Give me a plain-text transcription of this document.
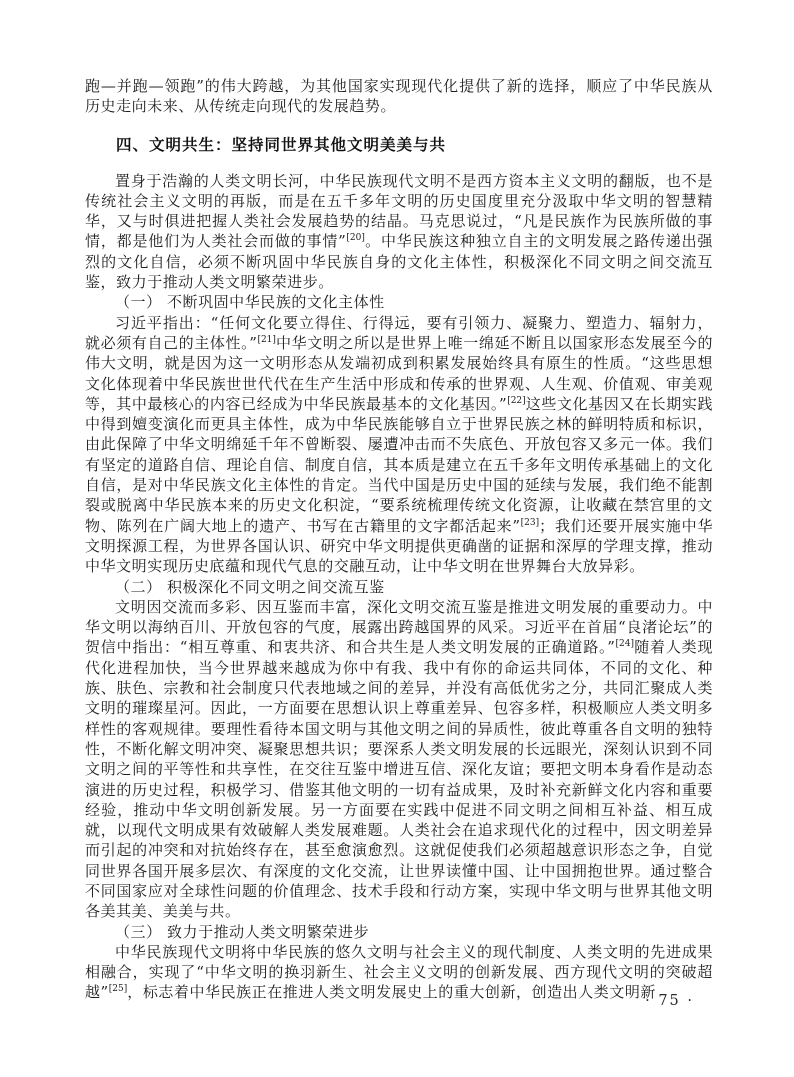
跑—并跑—领跑”的伟大跨越，为其他国家实现现代化提供了新的选择，顺应了中华民族从历史走向未来、从传统走向现代的发展趋势。

四、文明共生：坚持同世界其他文明美美与共

置身于浩瀚的人类文明长河，中华民族现代文明不是西方资本主义文明的翻版，也不是传统社会主义文明的再版，而是在五千多年文明的历史国度里充分汲取中华文明的智慧精华，又与时俱进把握人类社会发展趋势的结晶。马克思说过，“凡是民族作为民族所做的事情，都是他们为人类社会而做的事情”[20]。中华民族这种独立自主的文明发展之路传递出强烈的文化自信，必须不断巩固中华民族自身的文化主体性，积极深化不同文明之间交流互鉴，致力于推动人类文明繁荣进步。

（一） 不断巩固中华民族的文化主体性

习近平指出：“任何文化要立得住、行得远，要有引领力、凝聚力、塑造力、辐射力，就必须有自己的主体性。”[21]中华文明之所以是世界上唯一绵延不断且以国家形态发展至今的伟大文明，就是因为这一文明形态从发端初成到积累发展始终具有原生的性质。“这些思想文化体现着中华民族世世代代在生产生活中形成和传承的世界观、人生观、价值观、审美观等，其中最核心的内容已经成为中华民族最基本的文化基因。”[22]这些文化基因又在长期实践中得到嬗变演化而更具主体性，成为中华民族能够自立于世界民族之林的鲜明特质和标识，由此保障了中华文明绵延千年不曾断裂、屡遭冲击而不失底色、开放包容又多元一体。我们有坚定的道路自信、理论自信、制度自信，其本质是建立在五千多年文明传承基础上的文化自信，是对中华民族文化主体性的肯定。当代中国是历史中国的延续与发展，我们绝不能割裂或脱离中华民族本来的历史文化积淀，“要系统梳理传统文化资源，让收藏在禁宫里的文物、陈列在广阔大地上的遗产、书写在古籍里的文字都活起来”[23]；我们还要开展实施中华文明探源工程，为世界各国认识、研究中华文明提供更确凿的证据和深厚的学理支撑，推动中华文明实现历史底蕴和现代气息的交融互动，让中华文明在世界舞台大放异彩。

（二） 积极深化不同文明之间交流互鉴

文明因交流而多彩、因互鉴而丰富，深化文明交流互鉴是推进文明发展的重要动力。中华文明以海纳百川、开放包容的气度，展露出跨越国界的风采。习近平在首届“良渚论坛”的贺信中指出：“相互尊重、和衷共济、和合共生是人类文明发展的正确道路。”[24]随着人类现代化进程加快，当今世界越来越成为你中有我、我中有你的命运共同体，不同的文化、种族、肤色、宗教和社会制度只代表地域之间的差异，并没有高低优劣之分，共同汇聚成人类文明的璀璨星河。因此，一方面要在思想认识上尊重差异、包容多样，积极顺应人类文明多样性的客观规律。要理性看待本国文明与其他文明之间的异质性，彼此尊重各自文明的独特性，不断化解文明冲突、凝聚思想共识；要深系人类文明发展的长远眼光，深刻认识到不同文明之间的平等性和共享性，在交往互鉴中增进互信、深化友谊；要把文明本身看作是动态演进的历史过程，积极学习、借鉴其他文明的一切有益成果，及时补充新鲜文化内容和重要经验，推动中华文明创新发展。另一方面要在实践中促进不同文明之间相互补益、相互成就，以现代文明成果有效破解人类发展难题。人类社会在追求现代化的过程中，因文明差异而引起的冲突和对抗始终存在，甚至愈演愈烈。这就促使我们必须超越意识形态之争，自觉同世界各国开展多层次、有深度的文化交流，让世界读懂中国、让中国拥抱世界。通过整合不同国家应对全球性问题的价值理念、技术手段和行动方案，实现中华文明与世界其他文明各美其美、美美与共。

（三） 致力于推动人类文明繁荣进步

中华民族现代文明将中华民族的悠久文明与社会主义的现代制度、人类文明的先进成果相融合，实现了“中华文明的换羽新生、社会主义文明的创新发展、西方现代文明的突破超越”[25]，标志着中华民族正在推进人类文明发展史上的重大创新，创造出人类文明新

· 75 ·
